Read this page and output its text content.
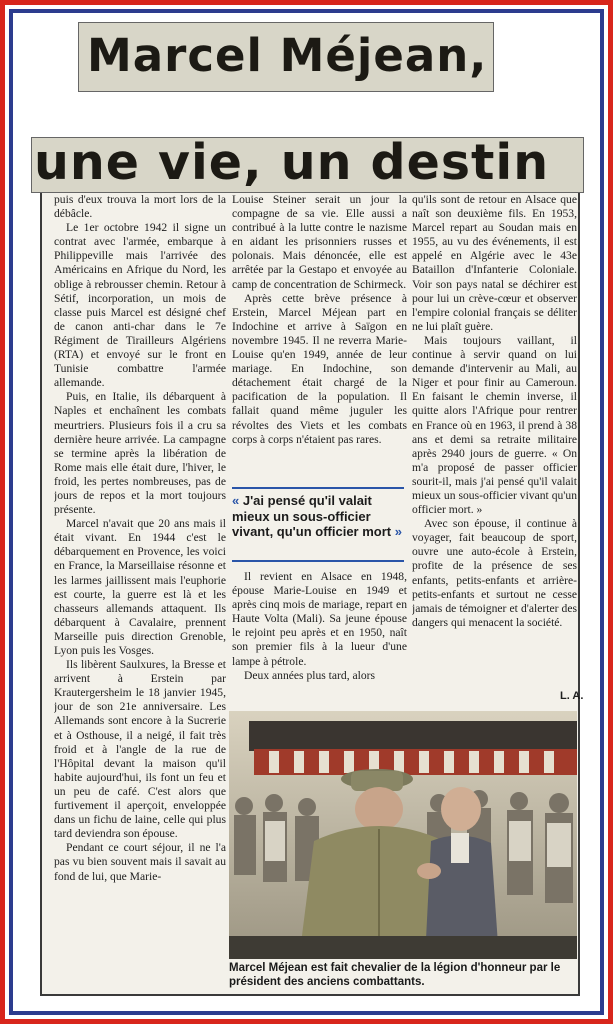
Marcel Méjean,
une vie, un destin

puis d'eux trouva la mort lors de la débâcle.

Le 1er octobre 1942 il signe un contrat avec l'armée, embarque à Philippeville mais l'arrivée des Américains en Afrique du Nord, les oblige à rebrousser chemin. Retour à Sétif, incorporation, un mois de classe puis Marcel est désigné chef de canon anti-char dans le 7e Régiment de Tirailleurs Algériens (RTA) et envoyé sur le front en Tunisie combattre l'armée allemande.

Puis, en Italie, ils débarquent à Naples et enchaînent les combats meurtriers. Plusieurs fois il a cru sa dernière heure arrivée. La campagne se termine après la libération de Rome mais elle était dure, l'hiver, le froid, les pertes nombreuses, pas de jours de repos et la mort toujours présente.

Marcel n'avait que 20 ans mais il était vivant. En 1944 c'est le débarquement en Provence, les voici en France, la Marseillaise résonne et les larmes jaillissent mais l'euphorie est courte, la guerre est là et les chasseurs allemands attaquent. Ils débarquent à Cavalaire, prennent Marseille puis direction Grenoble, Lyon puis les Vosges.

Ils libèrent Saulxures, la Bresse et arrivent à Erstein par Krautergersheim le 18 janvier 1945, jour de son 21e anniversaire. Les Allemands sont encore à la Sucrerie et à Osthouse, il a neigé, il fait très froid et à l'angle de la rue de l'Hôpital devant la maison qu'il habite aujourd'hui, ils font un feu et un peu de café. C'est alors que furtivement il aperçoit, enveloppée dans un fichu de laine, celle qui plus tard deviendra son épouse.

Pendant ce court séjour, il ne l'a pas vu bien souvent mais il savait au fond de lui, que Marie-

Louise Steiner serait un jour la compagne de sa vie. Elle aussi a contribué à la lutte contre le nazisme en aidant les prisonniers russes et polonais. Mais dénoncée, elle est arrêtée par la Gestapo et envoyée au camp de concentration de Schirmeck.

Après cette brève présence à Erstein, Marcel Méjean part en Indochine et arrive à Saïgon en novembre 1945. Il ne reverra Marie-Louise qu'en 1949, année de leur mariage. En Indochine, son détachement était chargé de la pacification de la population. Il fallait quand même juguler les révoltes des Viets et les combats corps à corps n'étaient pas rares.

« J'ai pensé qu'il valait mieux un sous-officier vivant, qu'un officier mort »

Il revient en Alsace en 1948, épouse Marie-Louise en 1949 et après cinq mois de mariage, repart en Haute Volta (Mali). Sa jeune épouse le rejoint peu après et en 1950, naît son premier fils à la lueur d'une lampe à pétrole.

Deux années plus tard, alors

qu'ils sont de retour en Alsace que naît son deuxième fils. En 1953, Marcel repart au Soudan mais en 1955, au vu des événements, il est appelé en Algérie avec le 43e Bataillon d'Infanterie Coloniale. Voir son pays natal se déchirer est pour lui un crève-cœur et observer l'empire colonial français se déliter ne lui plaît guère.

Mais toujours vaillant, il continue à servir quand on lui demande d'intervenir au Mali, au Niger et pour finir au Cameroun. En faisant le chemin inverse, il quitte alors l'Afrique pour rentrer en France où en 1963, il prend à 38 ans et demi sa retraite militaire après 2940 jours de guerre. « On m'a proposé de passer officier sourit-il, mais j'ai pensé qu'il valait mieux un sous-officier vivant qu'un officier mort. »

Avec son épouse, il continue à voyager, fait beaucoup de sport, ouvre une auto-école à Erstein, profite de la présence de ses enfants, petits-enfants et arrière-petits-enfants et surtout ne cesse jamais de témoigner et d'alerter des dangers qui menacent la société.

L. A.
Marcel Méjean est fait chevalier de la légion d'honneur par le président des anciens combattants.
